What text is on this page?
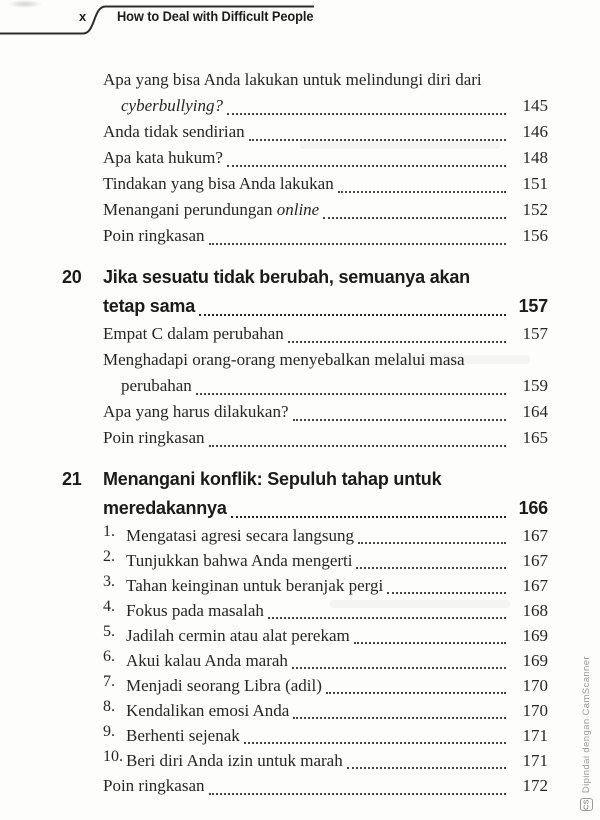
x How to Deal with Difficult People
Apa yang bisa Anda lakukan untuk melindungi diri dari
cyberbullying?	145
Anda tidak sendirian	146
Apa kata hukum?	148
Tindakan yang bisa Anda lakukan	151
Menangani perundungan online	152
Poin ringkasan	156
20	Jika sesuatu tidak berubah, semuanya akan
tetap sama	157
Empat C dalam perubahan	157
Menghadapi orang-orang menyebalkan melalui masa
perubahan	159
Apa yang harus dilakukan?	164
Poin ringkasan	165
21	Menangani konflik: Sepuluh tahap untuk
meredakannya	166
1. Mengatasi agresi secara langsung	167
2. Tunjukkan bahwa Anda mengerti	167
3. Tahan keinginan untuk beranjak pergi	167
4. Fokus pada masalah	168
5. Jadilah cermin atau alat perekam	169
6. Akui kalau Anda marah	169
7. Menjadi seorang Libra (adil)	170
8. Kendalikan emosi Anda	170
9. Berhenti sejenak	171
10. Beri diri Anda izin untuk marah	171
Poin ringkasan	172	Dipindai dengan CamScanner
CS
